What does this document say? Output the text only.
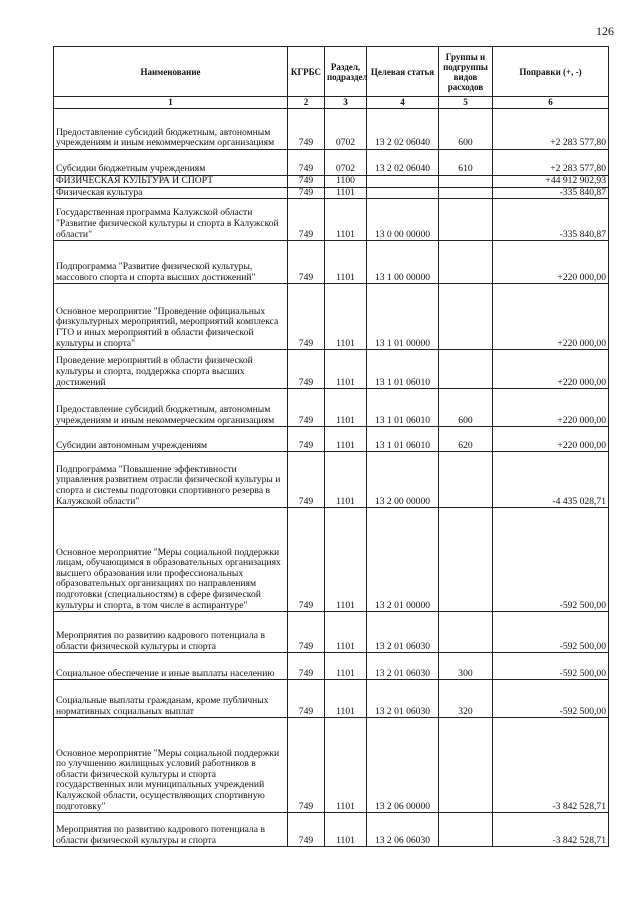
126
Наименование	КГРБС	Раздел, подраздел	Целевая статья	Группы и подгруппы видов расходов	Поправки (+, -)
1	2	3	4	5	6
Предоставление субсидий бюджетным, автономным учреждениям и иным некоммерческим организациям	749	0702	13 2 02 06040	600	+2 283 577,80
Субсидии бюджетным учреждениям	749	0702	13 2 02 06040	610	+2 283 577,80
ФИЗИЧЕСКАЯ КУЛЬТУРА И СПОРТ	749	1100			+44 912 902,93
Физическая культура	749	1101			-335 840,87
Государственная программа Калужской области "Развитие физической культуры и спорта в Калужской области"	749	1101	13 0 00 00000		-335 840,87
Подпрограмма "Развитие физической культуры, массового спорта и спорта высших достижений"	749	1101	13 1 00 00000		+220 000,00
Основное мероприятие "Проведение официальных физкультурных мероприятий, мероприятий комплекса ГТО и иных мероприятий в области физической культуры и спорта"	749	1101	13 1 01 00000		+220 000,00
Проведение мероприятий в области физической культуры и спорта, поддержка спорта высших достижений	749	1101	13 1 01 06010		+220 000,00
Предоставление субсидий бюджетным, автономным учреждениям и иным некоммерческим организациям	749	1101	13 1 01 06010	600	+220 000,00
Субсидии автономным учреждениям	749	1101	13 1 01 06010	620	+220 000,00
Подпрограмма "Повышение эффективности управления развитием отрасли физической культуры и спорта и системы подготовки спортивного резерва в Калужской области"	749	1101	13 2 00 00000		-4 435 028,71
Основное мероприятие "Меры социальной поддержки лицам, обучающимся в образовательных организациях высшего образования или профессиональных образовательных организациях по направлениям подготовки (специальностям) в сфере физической культуры и спорта, в том числе в аспирантуре"	749	1101	13 2 01 00000		-592 500,00
Мероприятия по развитию кадрового потенциала в области физической культуры и спорта	749	1101	13 2 01 06030		-592 500,00
Социальное обеспечение и иные выплаты населению	749	1101	13 2 01 06030	300	-592 500,00
Социальные выплаты гражданам, кроме публичных нормативных социальных выплат	749	1101	13 2 01 06030	320	-592 500,00
Основное мероприятие "Меры социальной поддержки по улучшению жилищных условий работников в области физической культуры и спорта государственных или муниципальных учреждений Калужской области, осуществляющих спортивную подготовку"	749	1101	13 2 06 00000		-3 842 528,71
Мероприятия по развитию кадрового потенциала в области физической культуры и спорта	749	1101	13 2 06 06030		-3 842 528,71
